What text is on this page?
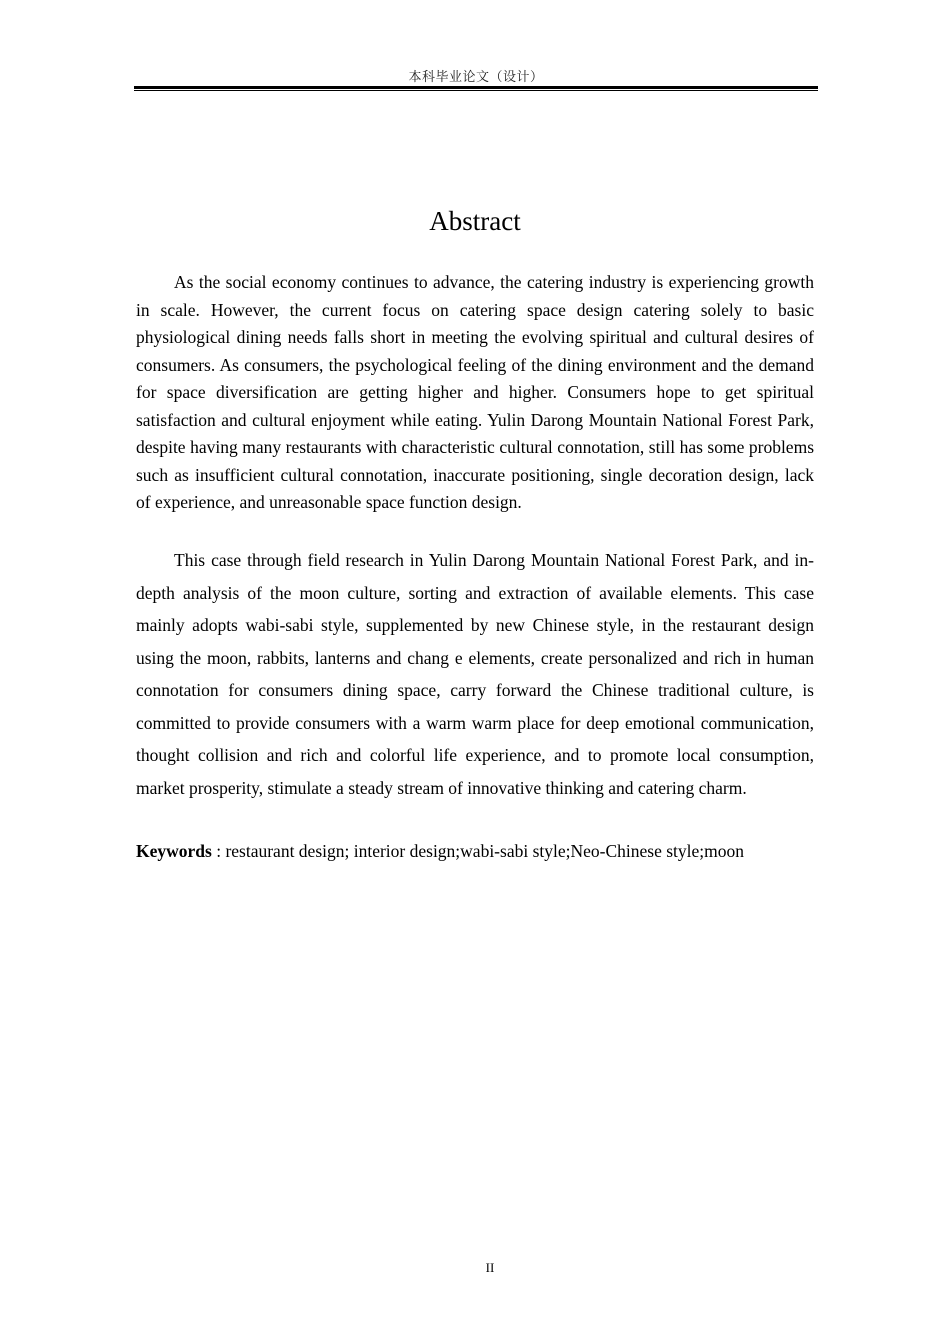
本科毕业论文（设计）
Abstract

As the social economy continues to advance, the catering industry is experiencing growth in scale. However, the current focus on catering space design catering solely to basic physiological dining needs falls short in meeting the evolving spiritual and cultural desires of consumers. As consumers, the psychological feeling of the dining environment and the demand for space diversification are getting higher and higher. Consumers hope to get spiritual satisfaction and cultural enjoyment while eating. Yulin Darong Mountain National Forest Park, despite having many restaurants with characteristic cultural connotation, still has some problems such as insufficient cultural connotation, inaccurate positioning, single decoration design, lack of experience, and unreasonable space function design.

This case through field research in Yulin Darong Mountain National Forest Park, and in-depth analysis of the moon culture, sorting and extraction of available elements. This case mainly adopts wabi-sabi style, supplemented by new Chinese style, in the restaurant design using the moon, rabbits, lanterns and chang e elements, create personalized and rich in human connotation for consumers dining space, carry forward the Chinese traditional culture, is committed to provide consumers with a warm warm place for deep emotional communication, thought collision and rich and colorful life experience, and to promote local consumption, market prosperity, stimulate a steady stream of innovative thinking and catering charm.

Keywords : restaurant design; interior design;wabi-sabi style;Neo-Chinese style;moon

II
